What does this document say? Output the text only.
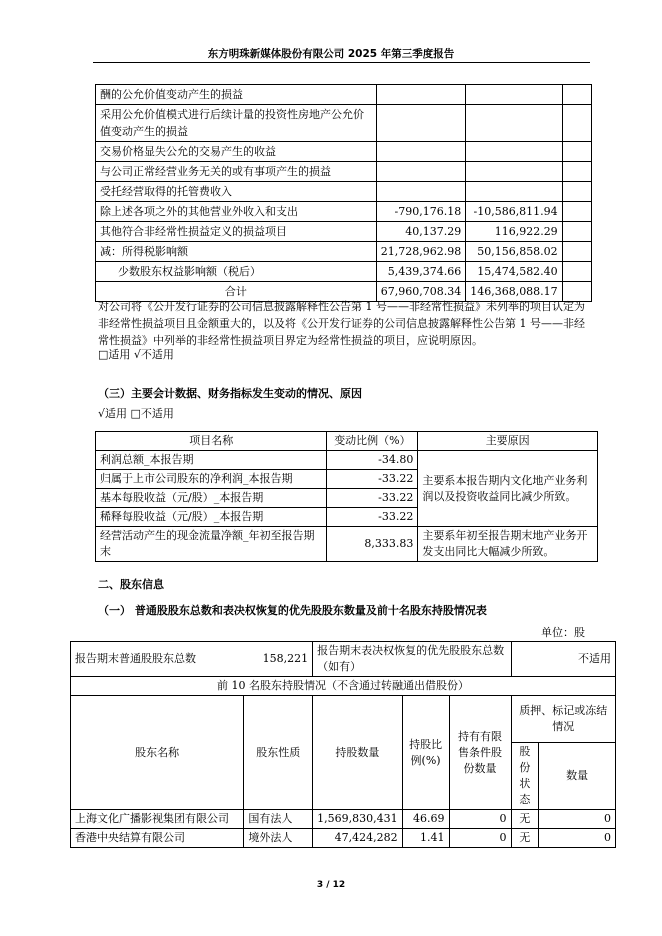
东方明珠新媒体股份有限公司 2025 年第三季度报告
酬的公允价值变动产生的损益			
采用公允价值模式进行后续计量的投资性房地产公允价值变动产生的损益			
交易价格显失公允的交易产生的收益			
与公司正常经营业务无关的或有事项产生的损益			
受托经营取得的托管费收入			
除上述各项之外的其他营业外收入和支出	-790,176.18	-10,586,811.94	
其他符合非经常性损益定义的损益项目	40,137.29	116,922.29	
减：所得税影响额	21,728,962.98	50,156,858.02	
少数股东权益影响额（税后）	5,439,374.66	15,474,582.40	
合计	67,960,708.34	146,368,088.17	
对公司将《公开发行证券的公司信息披露解释性公告第 1 号——非经常性损益》未列举的项目认定为非经常性损益项目且金额重大的，以及将《公开发行证券的公司信息披露解释性公告第 1 号——非经常性损益》中列举的非经常性损益项目界定为经常性损益的项目，应说明原因。
□适用 √不适用
（三）主要会计数据、财务指标发生变动的情况、原因
√适用 □不适用
项目名称	变动比例（%）	主要原因
利润总额_本报告期	-34.80	主要系本报告期内文化地产业务利润以及投资收益同比减少所致。
归属于上市公司股东的净利润_本报告期	-33.22	
基本每股收益（元/股）_本报告期	-33.22	
稀释每股收益（元/股）_本报告期	-33.22	
经营活动产生的现金流量净额_年初至报告期末	8,333.83	主要系年初至报告期末地产业务开发支出同比大幅减少所致。
二、股东信息
（一） 普通股股东总数和表决权恢复的优先股股东数量及前十名股东持股情况表
单位：股
报告期末普通股股东总数 158,221		报告期末表决权恢复的优先股股东总数（如有）			不适用	
前 10 名股东持股情况（不含通过转融通出借股份）						
股东名称	股东性质	持股数量	持股比例(%)	持有有限售条件股份数量	质押、标记或冻结情况	
					股份状态	数量
上海文化广播影视集团有限公司	国有法人	1,569,830,431	46.69	0	无	0
香港中央结算有限公司	境外法人	47,424,282	1.41	0	无	0
3 / 12
